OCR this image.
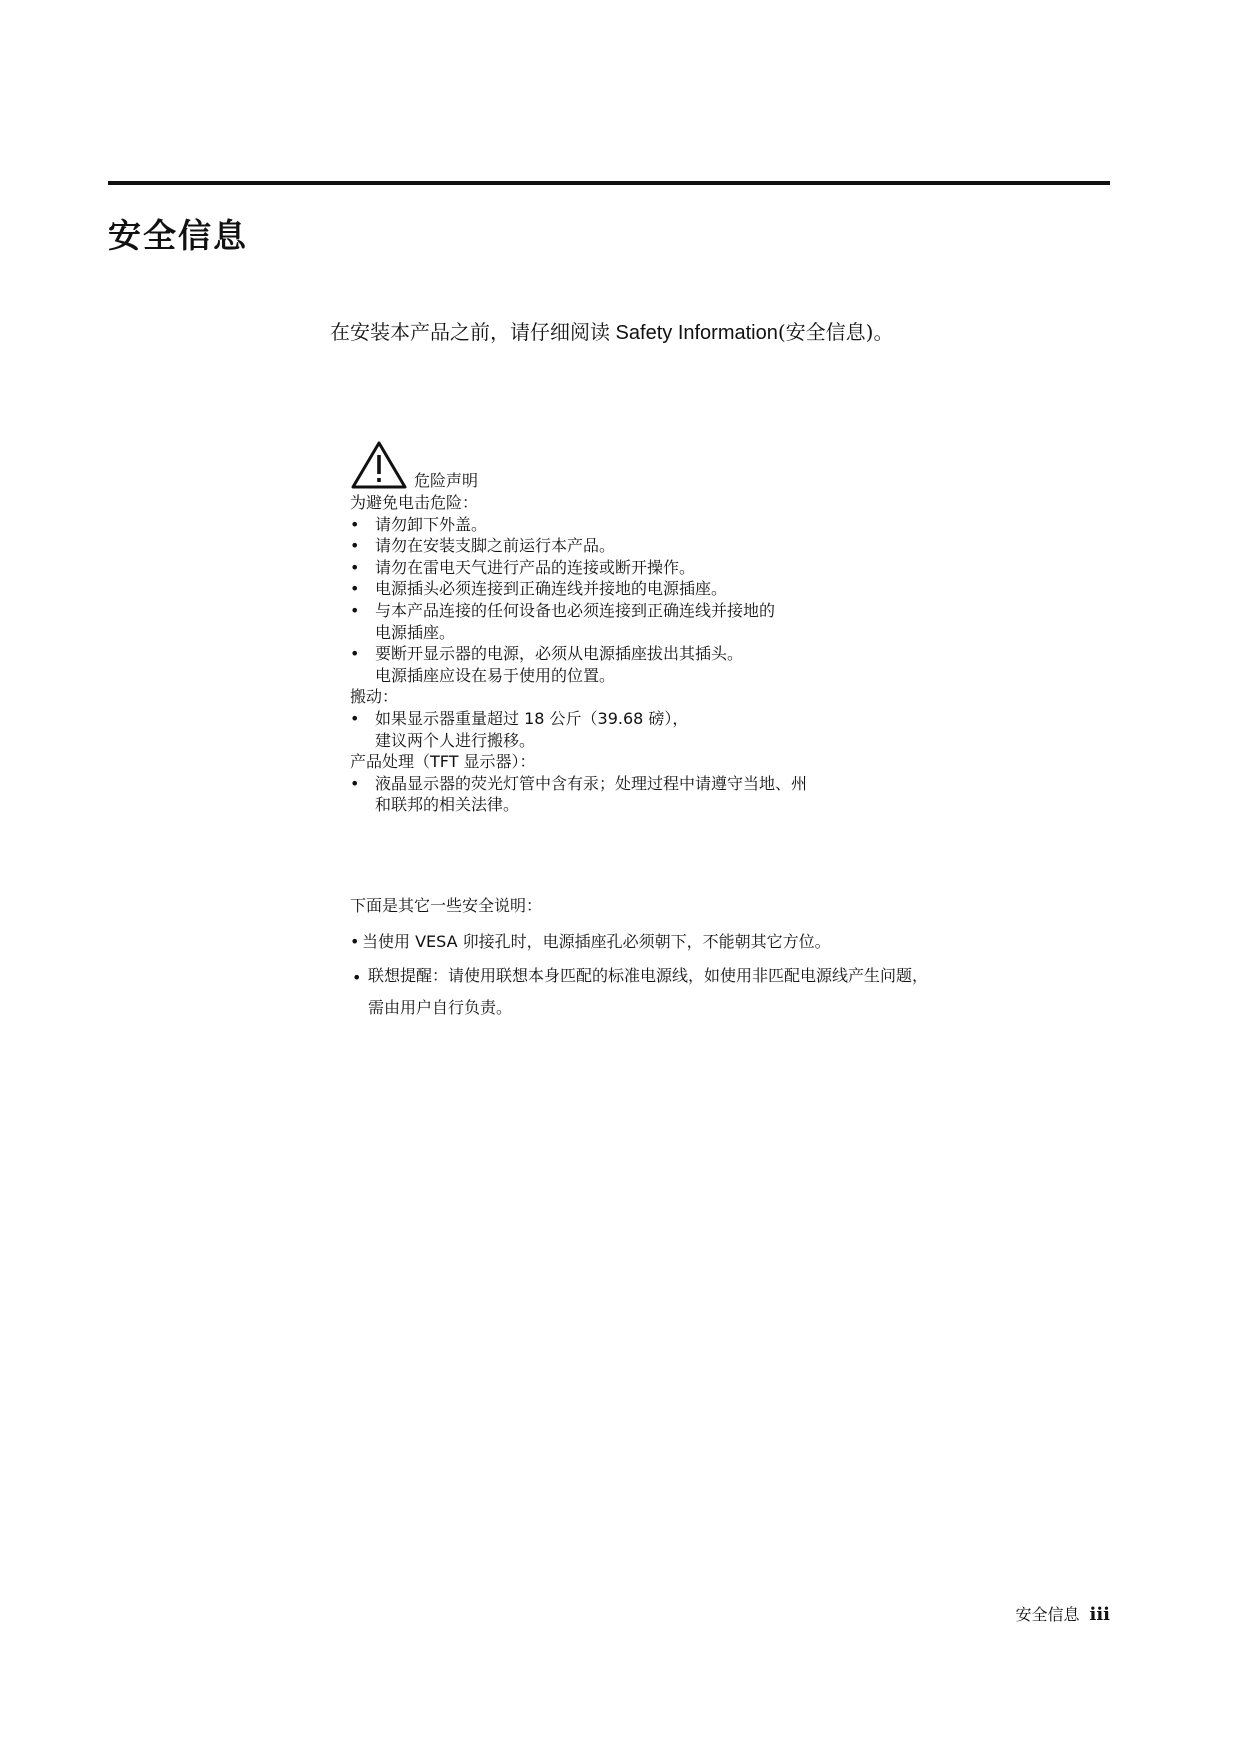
安全信息
在安装本产品之前，请仔细阅读 Safety Information(安全信息)。
危险声明
为避免电击危险：
• 请勿卸下外盖。
• 请勿在安装支脚之前运行本产品。
• 请勿在雷电天气进行产品的连接或断开操作。
• 电源插头必须连接到正确连线并接地的电源插座。
• 与本产品连接的任何设备也必须连接到正确连线并接地的
电源插座。
• 要断开显示器的电源，必须从电源插座拔出其插头。
电源插座应设在易于使用的位置。
搬动：
• 如果显示器重量超过 18 公斤（39.68 磅），
建议两个人进行搬移。
产品处理（TFT 显示器）：
• 液晶显示器的荧光灯管中含有汞；处理过程中请遵守当地、州
和联邦的相关法律。
下面是其它一些安全说明：
• 当使用 VESA 卯接孔时，电源插座孔必须朝下，不能朝其它方位。
• 联想提醒：请使用联想本身匹配的标准电源线，如使用非匹配电源线产生问题，
需由用户自行负责。
安全信息 iii
